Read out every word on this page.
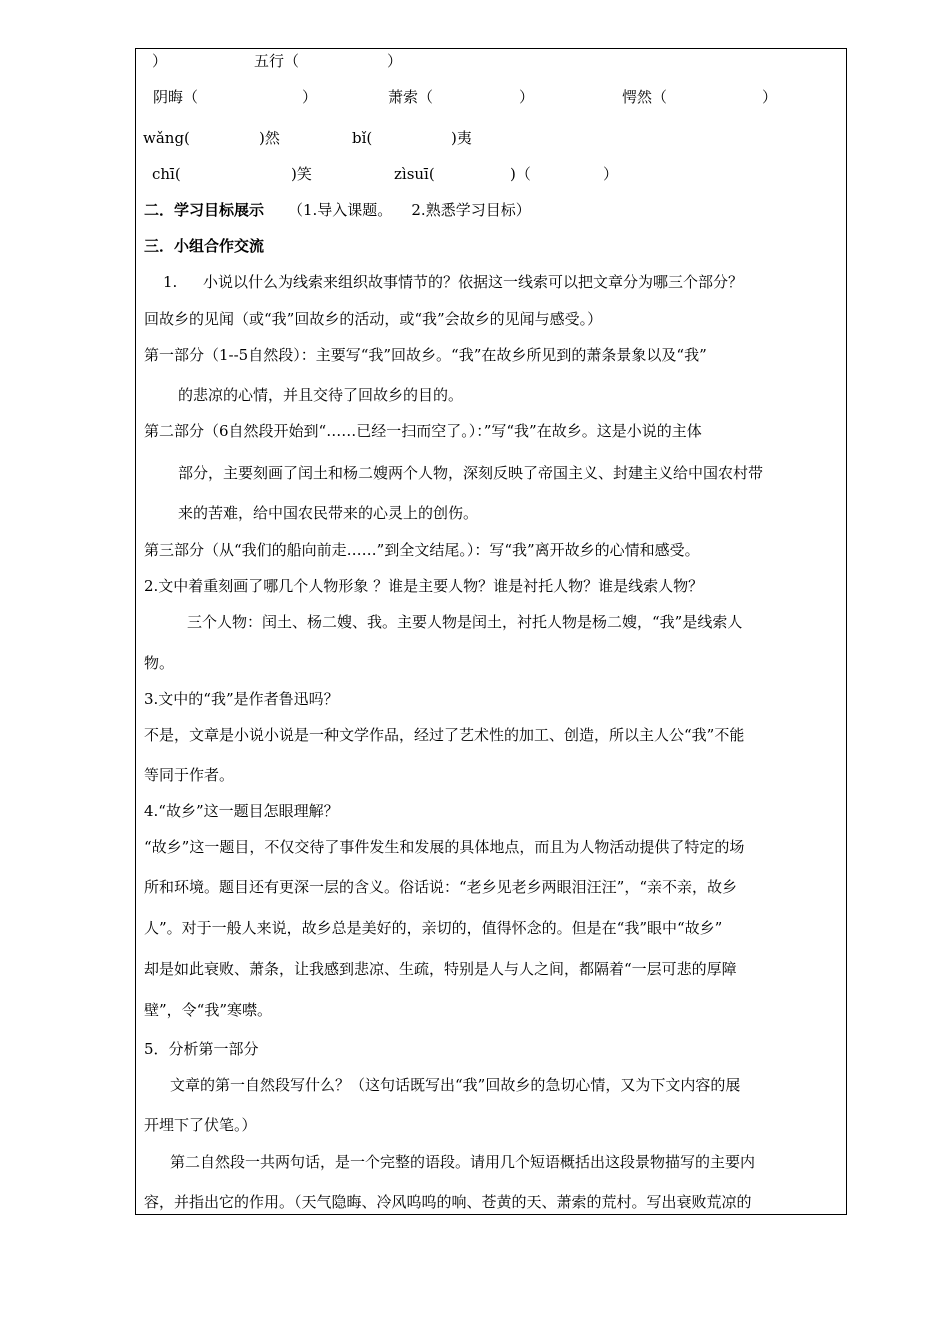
）	五行（	）
阴晦（	）	萧索（	）	愕然（	）
wǎng(	)然	bǐ(	)夷
chī(	)笑	zìsuī(	)（	）
二．学习目标展示 （1.导入课题。    2.熟悉学习目标）
三．小组合作交流
1. 小说以什么为线索来组织故事情节的？依据这一线索可以把文章分为哪三个部分？
回故乡的见闻（或“我”回故乡的活动，或“我”会故乡的见闻与感受。）
第一部分（1--5自然段）：主要写“我”回故乡。“我”在故乡所见到的萧条景象以及“我”
的悲凉的心情，并且交待了回故乡的目的。
第二部分（6自然段开始到“……已经一扫而空了。）：”写“我”在故乡。这是小说的主体
部分，主要刻画了闰土和杨二嫂两个人物，深刻反映了帝国主义、封建主义给中国农村带
来的苦难，给中国农民带来的心灵上的创伤。
第三部分（从“我们的船向前走……”到全文结尾。）：写“我”离开故乡的心情和感受。
2.文中着重刻画了哪几个人物形象 ？谁是主要人物？谁是衬托人物？谁是线索人物？
三个人物：闰土、杨二嫂、我。主要人物是闰土，衬托人物是杨二嫂，“我”是线索人
物。
3.文中的“我”是作者鲁迅吗？
不是，文章是小说小说是一种文学作品，经过了艺术性的加工、创造，所以主人公“我”不能
等同于作者。
4.“故乡”这一题目怎眼理解？
“故乡”这一题目，不仅交待了事件发生和发展的具体地点，而且为人物活动提供了特定的场
所和环境。题目还有更深一层的含义。俗话说：“老乡见老乡两眼泪汪汪”，“亲不亲，故乡
人”。对于一般人来说，故乡总是美好的，亲切的，值得怀念的。但是在“我”眼中“故乡”
却是如此衰败、萧条，让我感到悲凉、生疏，特别是人与人之间，都隔着“一层可悲的厚障
壁”，令“我”寒噤。
5．分析第一部分
文章的第一自然段写什么？（这句话既写出“我”回故乡的急切心情，又为下文内容的展
开埋下了伏笔。）
第二自然段一共两句话，是一个完整的语段。请用几个短语概括出这段景物描写的主要内
容，并指出它的作用。（天气隐晦、冷风呜呜的响、苍黄的天、萧索的荒村。写出衰败荒凉的
